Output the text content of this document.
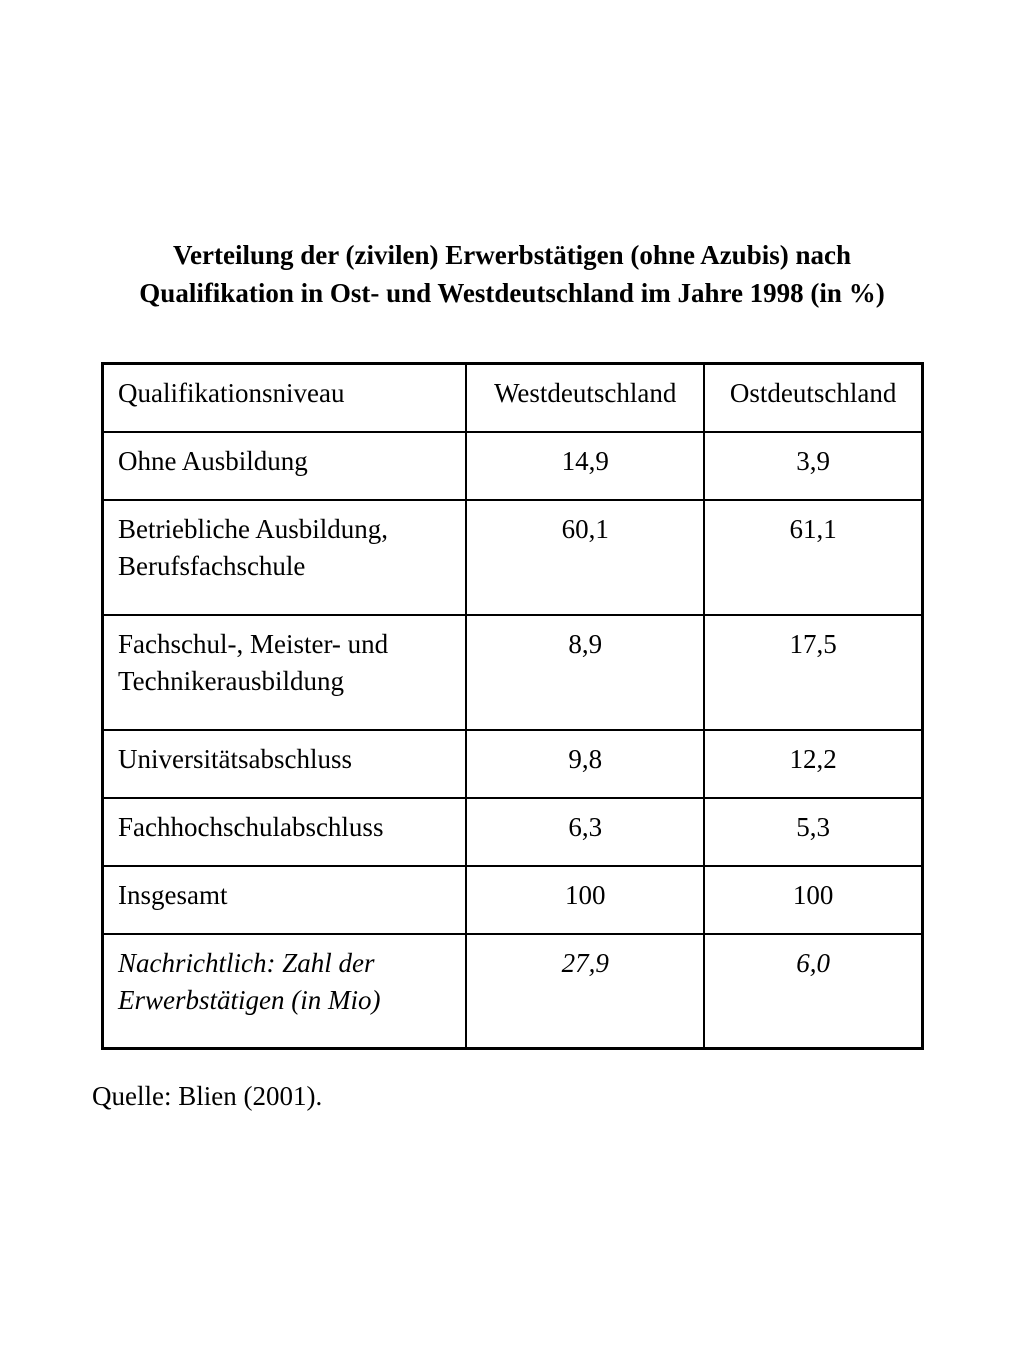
Verteilung der (zivilen) Erwerbstätigen (ohne Azubis) nach
Qualifikation in Ost- und Westdeutschland im Jahre 1998 (in %)
Qualifikationsniveau	Westdeutschland	Ostdeutschland
Ohne Ausbildung	14,9	3,9
Betriebliche Ausbildung,
Berufsfachschule	60,1	61,1
Fachschul-, Meister- und
Technikerausbildung	8,9	17,5
Universitätsabschluss	9,8	12,2
Fachhochschulabschluss	6,3	5,3
Insgesamt	100	100
Nachrichtlich: Zahl der
Erwerbstätigen (in Mio)	27,9	6,0
Quelle: Blien (2001).
